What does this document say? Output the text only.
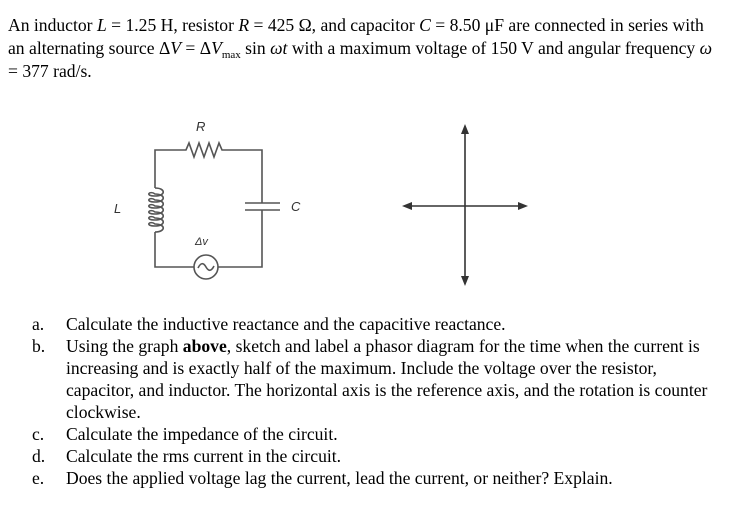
An inductor L = 1.25 H, resistor R = 425 Ω, and capacitor C = 8.50 μF are connected in series with an alternating source $\Delta V = \Delta V_{max}$ sin ωt with a maximum voltage of 150 V and angular frequency ω = 377 rad/s.
R
L	C
Δv
a. Calculate the inductive reactance and the capacitive reactance.
b. Using the graph above, sketch and label a phasor diagram for the time when the current is increasing and is exactly half of the maximum. Include the voltage over the resistor, capacitor, and inductor. The horizontal axis is the reference axis, and the rotation is counter clockwise.
c. Calculate the impedance of the circuit.
d. Calculate the rms current in the circuit.
e. Does the applied voltage lag the current, lead the current, or neither? Explain.
